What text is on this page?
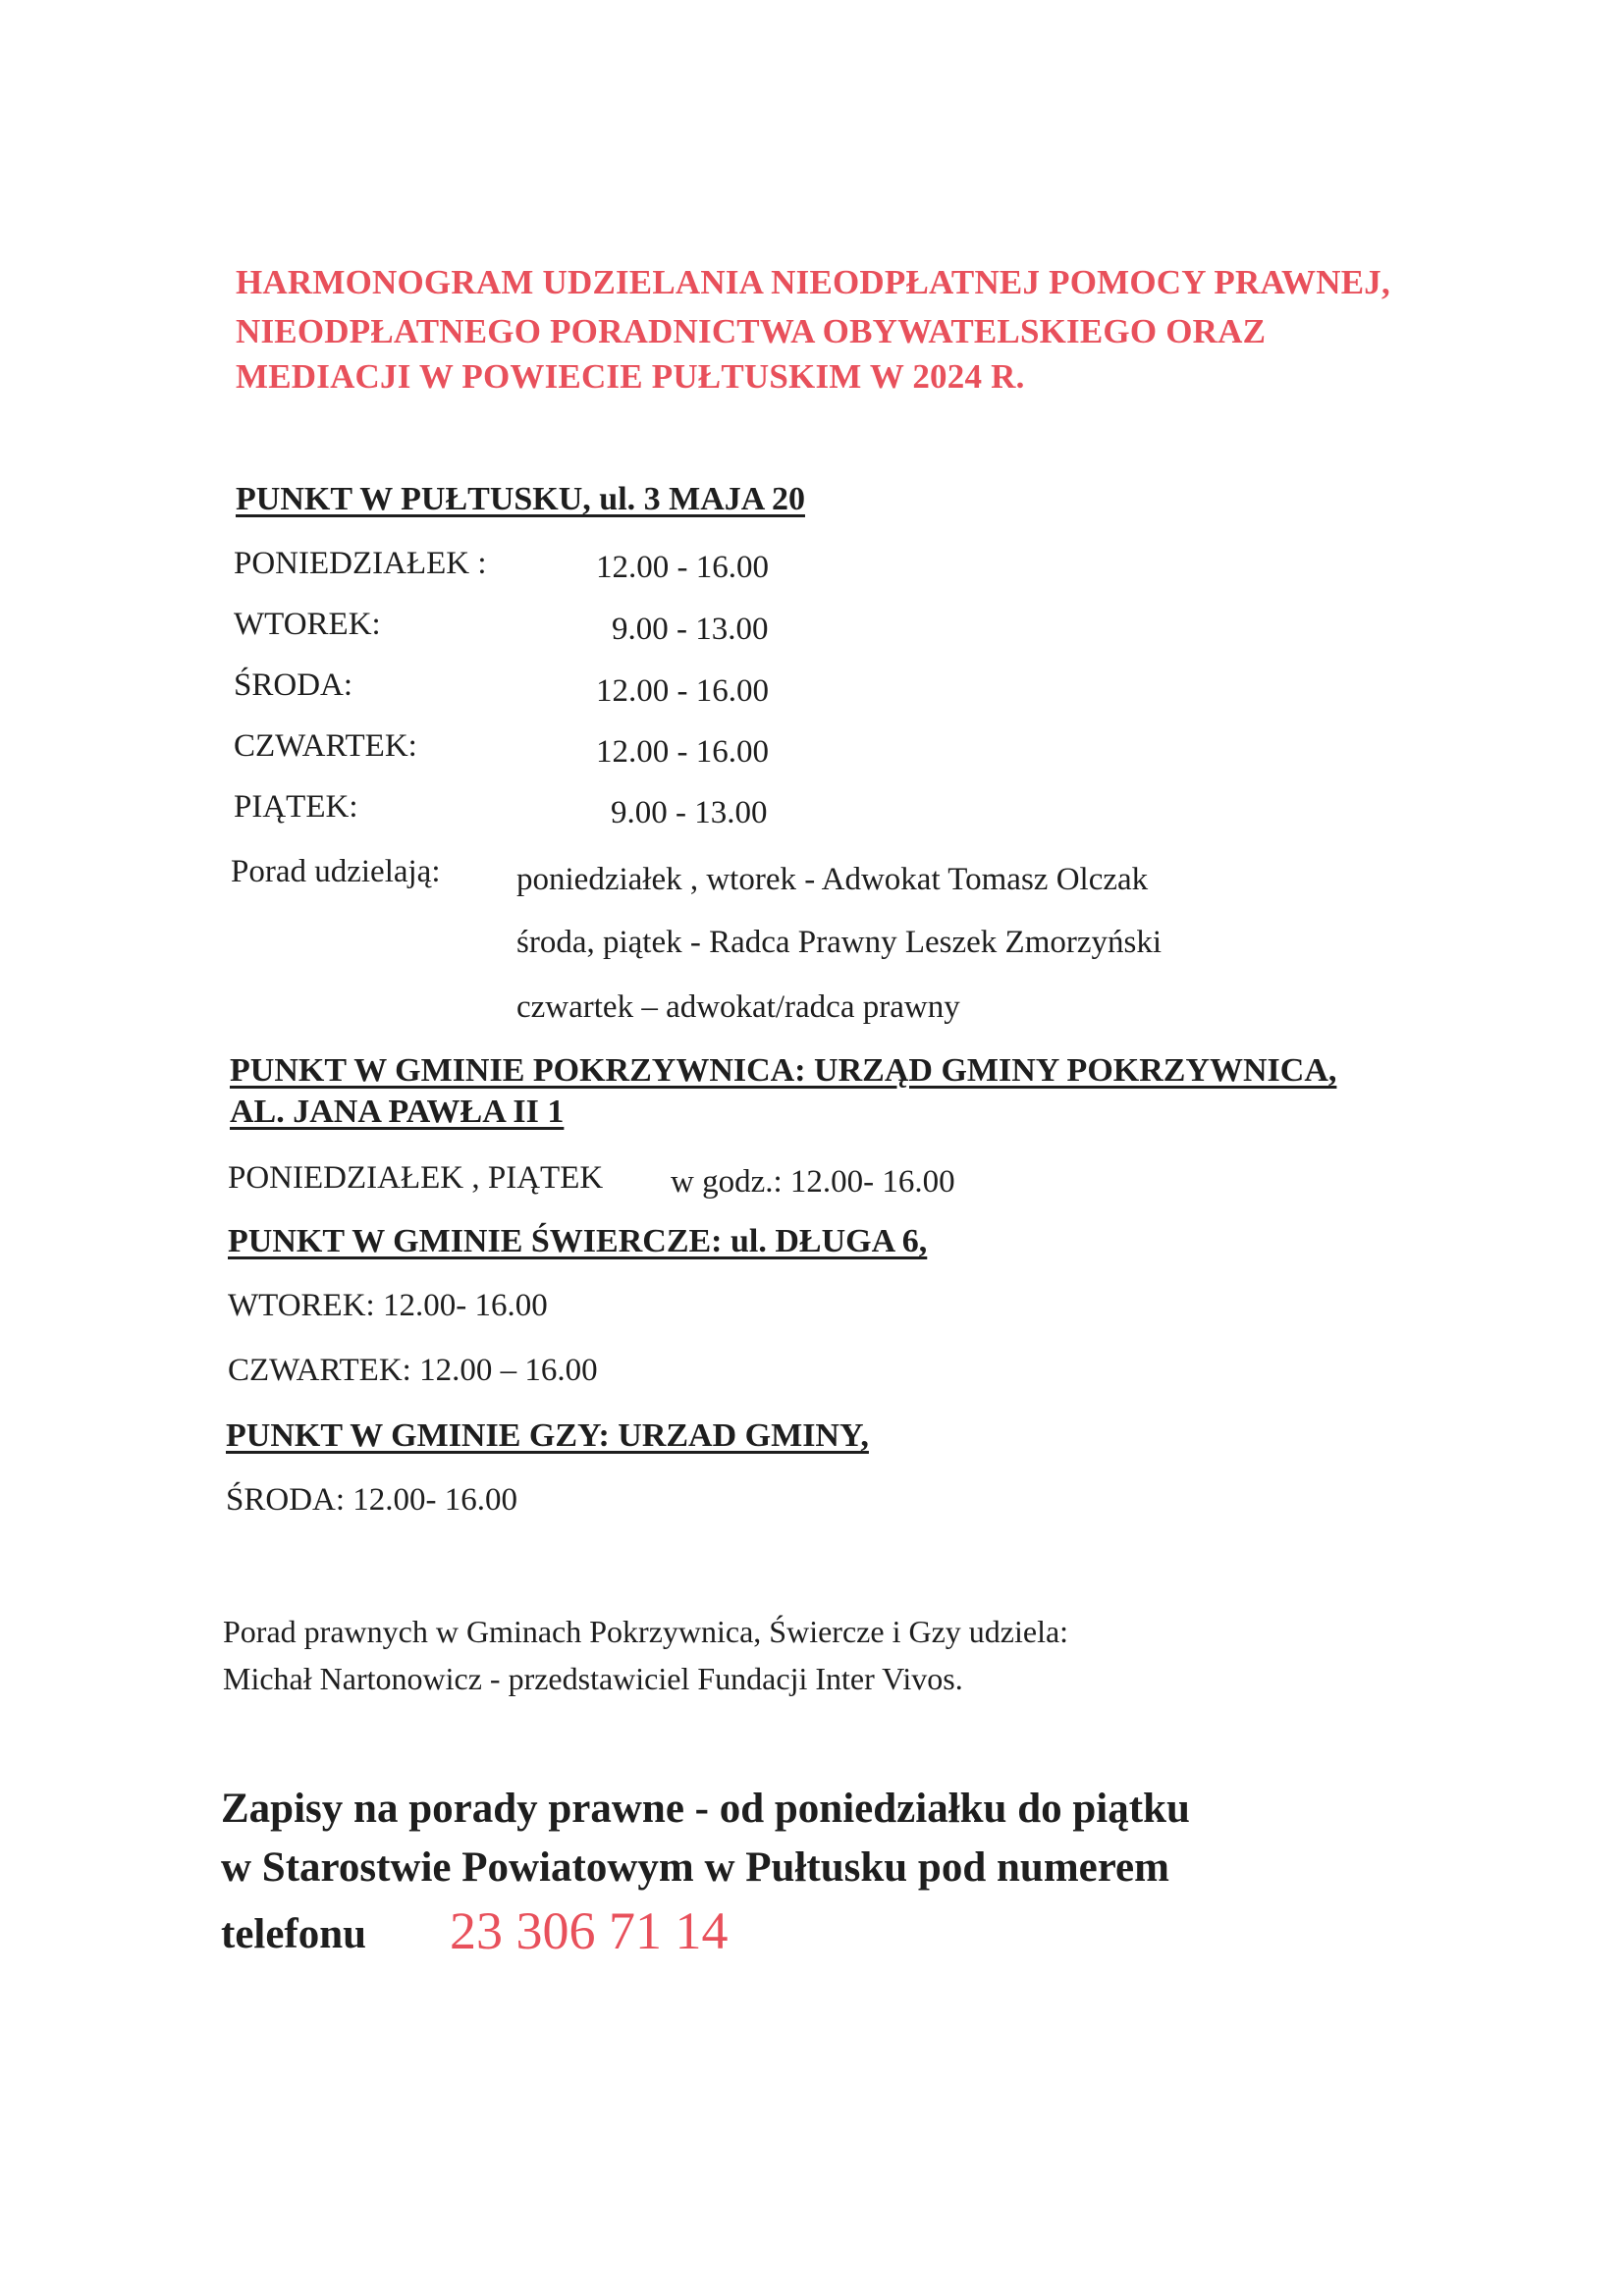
HARMONOGRAM UDZIELANIA NIEODPŁATNEJ POMOCY PRAWNEJ,
NIEODPŁATNEGO PORADNICTWA OBYWATELSKIEGO ORAZ
MEDIACJI W POWIECIE PUŁTUSKIM W 2024 R.
PUNKT W PUŁTUSKU, ul. 3 MAJA 20
PONIEDZIAŁEK :	12.00 - 16.00
WTOREK:	9.00 - 13.00
ŚRODA:	12.00 - 16.00
CZWARTEK:	12.00 - 16.00
PIĄTEK:	9.00 - 13.00
Porad udzielają: poniedziałek , wtorek - Adwokat Tomasz Olczak
środa, piątek - Radca Prawny Leszek Zmorzyński
czwartek – adwokat/radca prawny
PUNKT W GMINIE POKRZYWNICA: URZĄD GMINY POKRZYWNICA,
AL. JANA PAWŁA II 1
PONIEDZIAŁEK , PIĄTEK w godz.: 12.00- 16.00
PUNKT W GMINIE ŚWIERCZE: ul. DŁUGA 6,
WTOREK: 12.00- 16.00
CZWARTEK: 12.00 – 16.00
PUNKT W GMINIE GZY: URZAD GMINY,
ŚRODA: 12.00- 16.00
Porad prawnych w Gminach Pokrzywnica, Świercze i Gzy udziela:
Michał Nartonowicz - przedstawiciel Fundacji Inter Vivos.
Zapisy na porady prawne - od poniedziałku do piątku
w Starostwie Powiatowym w Pułtusku pod numerem
telefonu 23 306 71 14
